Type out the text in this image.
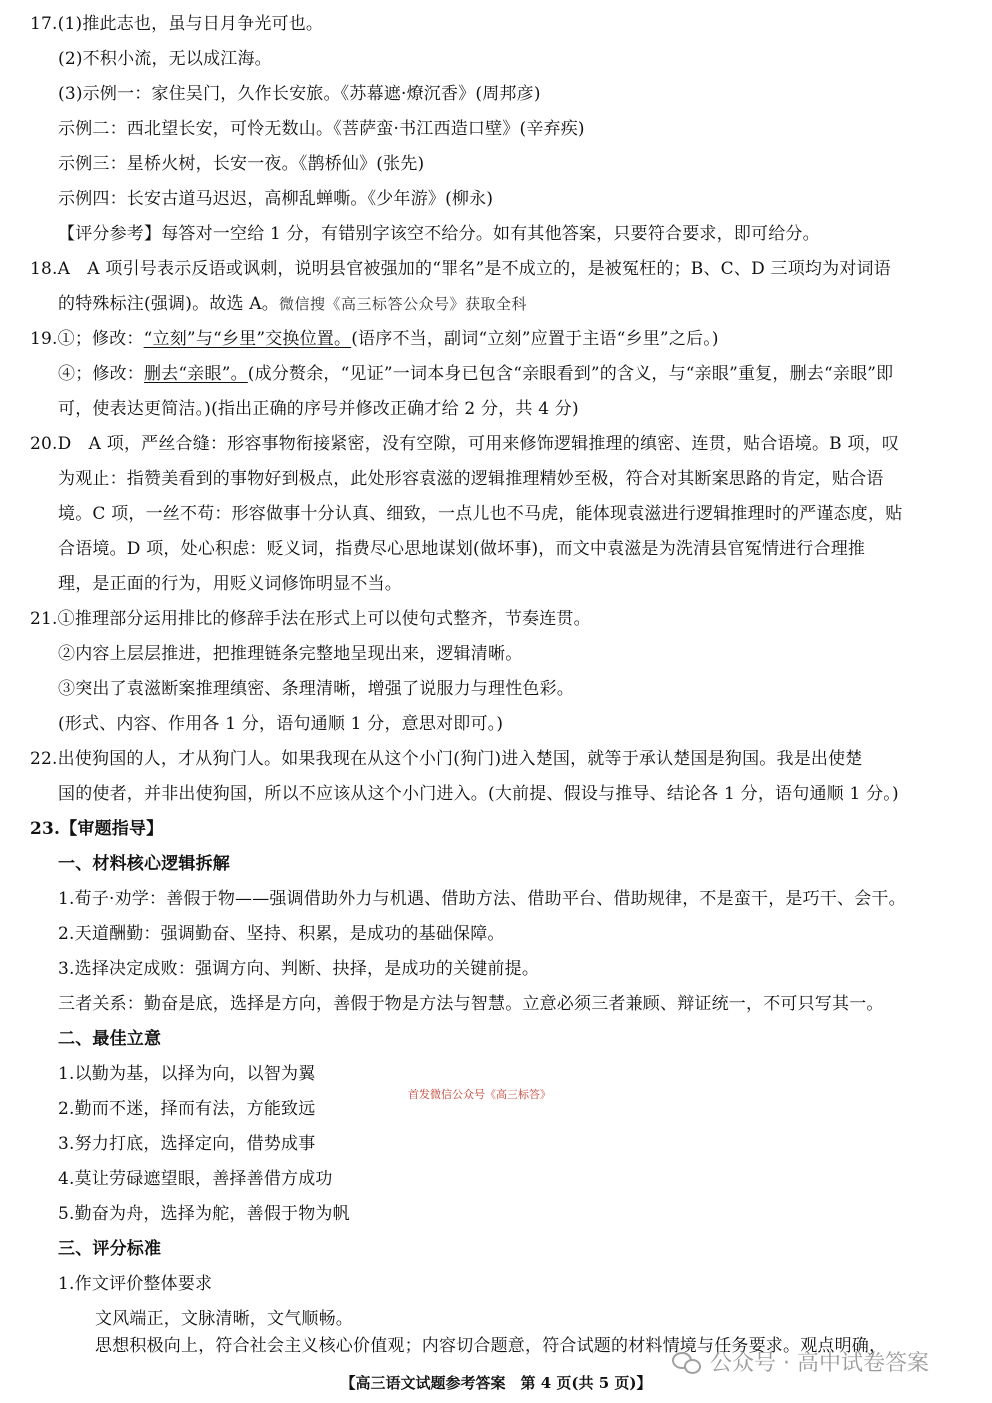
17.(1)推此志也，虽与日月争光可也。
(2)不积小流，无以成江海。
(3)示例一：家住吴门，久作长安旅。《苏幕遮·燎沉香》(周邦彦)
示例二：西北望长安，可怜无数山。《菩萨蛮·书江西造口壁》(辛弃疾)
示例三：星桥火树，长安一夜。《鹊桥仙》(张先)
示例四：长安古道马迟迟，高柳乱蝉嘶。《少年游》(柳永)
【评分参考】每答对一空给 1 分，有错别字该空不给分。如有其他答案，只要符合要求，即可给分。
18.A　A 项引号表示反语或讽刺，说明县官被强加的“罪名”是不成立的，是被冤枉的；B、C、D 三项均为对词语
的特殊标注(强调)。故选 A。微信搜《高三标答公众号》获取全科
19.①；修改：“立刻”与“乡里”交换位置。(语序不当，副词“立刻”应置于主语“乡里”之后。)
④；修改：删去“亲眼”。(成分赘余，“见证”一词本身已包含“亲眼看到”的含义，与“亲眼”重复，删去“亲眼”即
可，使表达更简洁。)(指出正确的序号并修改正确才给 2 分，共 4 分)
20.D　A 项，严丝合缝：形容事物衔接紧密，没有空隙，可用来修饰逻辑推理的缜密、连贯，贴合语境。B 项，叹
为观止：指赞美看到的事物好到极点，此处形容袁滋的逻辑推理精妙至极，符合对其断案思路的肯定，贴合语
境。C 项，一丝不苟：形容做事十分认真、细致，一点儿也不马虎，能体现袁滋进行逻辑推理时的严谨态度，贴
合语境。D 项，处心积虑：贬义词，指费尽心思地谋划(做坏事)，而文中袁滋是为洗清县官冤情进行合理推
理，是正面的行为，用贬义词修饰明显不当。
21.①推理部分运用排比的修辞手法在形式上可以使句式整齐，节奏连贯。
②内容上层层推进，把推理链条完整地呈现出来，逻辑清晰。
③突出了袁滋断案推理缜密、条理清晰，增强了说服力与理性色彩。
(形式、内容、作用各 1 分，语句通顺 1 分，意思对即可。)
22.出使狗国的人，才从狗门人。如果我现在从这个小门(狗门)进入楚国，就等于承认楚国是狗国。我是出使楚
国的使者，并非出使狗国，所以不应该从这个小门进入。(大前提、假设与推导、结论各 1 分，语句通顺 1 分。)
23.【审题指导】
一、材料核心逻辑拆解
1.荀子·劝学：善假于物——强调借助外力与机遇、借助方法、借助平台、借助规律，不是蛮干，是巧干、会干。
2.天道酬勤：强调勤奋、坚持、积累，是成功的基础保障。
3.选择决定成败：强调方向、判断、抉择，是成功的关键前提。
三者关系：勤奋是底，选择是方向，善假于物是方法与智慧。立意必须三者兼顾、辩证统一，不可只写其一。
二、最佳立意
1.以勤为基，以择为向，以智为翼
2.勤而不迷，择而有法，方能致远
首发微信公众号《高三标答》
3.努力打底，选择定向，借势成事
4.莫让劳碌遮望眼，善择善借方成功
5.勤奋为舟，选择为舵，善假于物为帆
三、评分标准
1.作文评价整体要求
文风端正，文脉清晰，文气顺畅。
思想积极向上，符合社会主义核心价值观；内容切合题意，符合试题的材料情境与任务要求。观点明确，
公众号 · 高中试卷答案
【高三语文试题参考答案　第 4 页(共 5 页)】
